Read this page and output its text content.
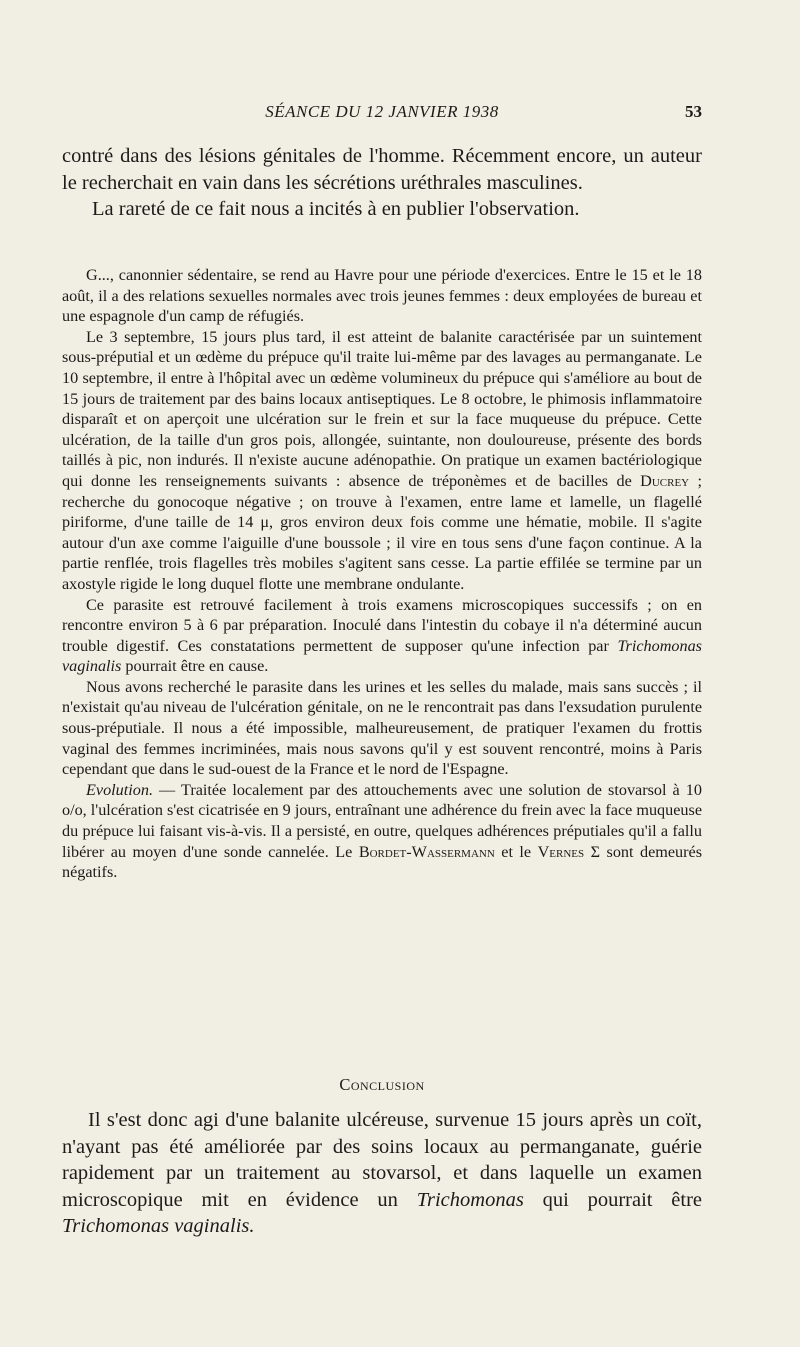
SÉANCE DU 12 JANVIER 1938	53

contré dans des lésions génitales de l'homme. Récemment encore, un auteur le recherchait en vain dans les sécrétions uréthrales masculines.

La rareté de ce fait nous a incités à en publier l'observation.

G..., canonnier sédentaire, se rend au Havre pour une période d'exercices. Entre le 15 et le 18 août, il a des relations sexuelles normales avec trois jeunes femmes : deux employées de bureau et une espagnole d'un camp de réfugiés.

Le 3 septembre, 15 jours plus tard, il est atteint de balanite caractérisée par un suintement sous-préputial et un œdème du prépuce qu'il traite lui-même par des lavages au permanganate. Le 10 septembre, il entre à l'hôpital avec un œdème volumineux du prépuce qui s'améliore au bout de 15 jours de traitement par des bains locaux antiseptiques. Le 8 octobre, le phimosis inflammatoire disparaît et on aperçoit une ulcération sur le frein et sur la face muqueuse du prépuce. Cette ulcération, de la taille d'un gros pois, allongée, suintante, non douloureuse, présente des bords taillés à pic, non indurés. Il n'existe aucune adénopathie. On pratique un examen bactériologique qui donne les renseignements suivants : absence de tréponèmes et de bacilles de Ducrey ; recherche du gonocoque négative ; on trouve à l'examen, entre lame et lamelle, un flagellé piriforme, d'une taille de 14 μ, gros environ deux fois comme une hématie, mobile. Il s'agite autour d'un axe comme l'aiguille d'une boussole ; il vire en tous sens d'une façon continue. A la partie renflée, trois flagelles très mobiles s'agitent sans cesse. La partie effilée se termine par un axostyle rigide le long duquel flotte une membrane ondulante.

Ce parasite est retrouvé facilement à trois examens microscopiques successifs ; on en rencontre environ 5 à 6 par préparation. Inoculé dans l'intestin du cobaye il n'a déterminé aucun trouble digestif. Ces constatations permettent de supposer qu'une infection par Trichomonas vaginalis pourrait être en cause.

Nous avons recherché le parasite dans les urines et les selles du malade, mais sans succès ; il n'existait qu'au niveau de l'ulcération génitale, on ne le rencontrait pas dans l'exsudation purulente sous-préputiale. Il nous a été impossible, malheureusement, de pratiquer l'examen du frottis vaginal des femmes incriminées, mais nous savons qu'il y est souvent rencontré, moins à Paris cependant que dans le sud-ouest de la France et le nord de l'Espagne.

Evolution. — Traitée localement par des attouchements avec une solution de stovarsol à 10 o/o, l'ulcération s'est cicatrisée en 9 jours, entraînant une adhérence du frein avec la face muqueuse du prépuce lui faisant vis-à-vis. Il a persisté, en outre, quelques adhérences préputiales qu'il a fallu libérer au moyen d'une sonde cannelée. Le Bordet-Wassermann et le Vernes Σ sont demeurés négatifs.

Conclusion

Il s'est donc agi d'une balanite ulcéreuse, survenue 15 jours après un coït, n'ayant pas été améliorée par des soins locaux au permanganate, guérie rapidement par un traitement au stovarsol, et dans laquelle un examen microscopique mit en évidence un Trichomonas qui pourrait être Trichomonas vaginalis.
